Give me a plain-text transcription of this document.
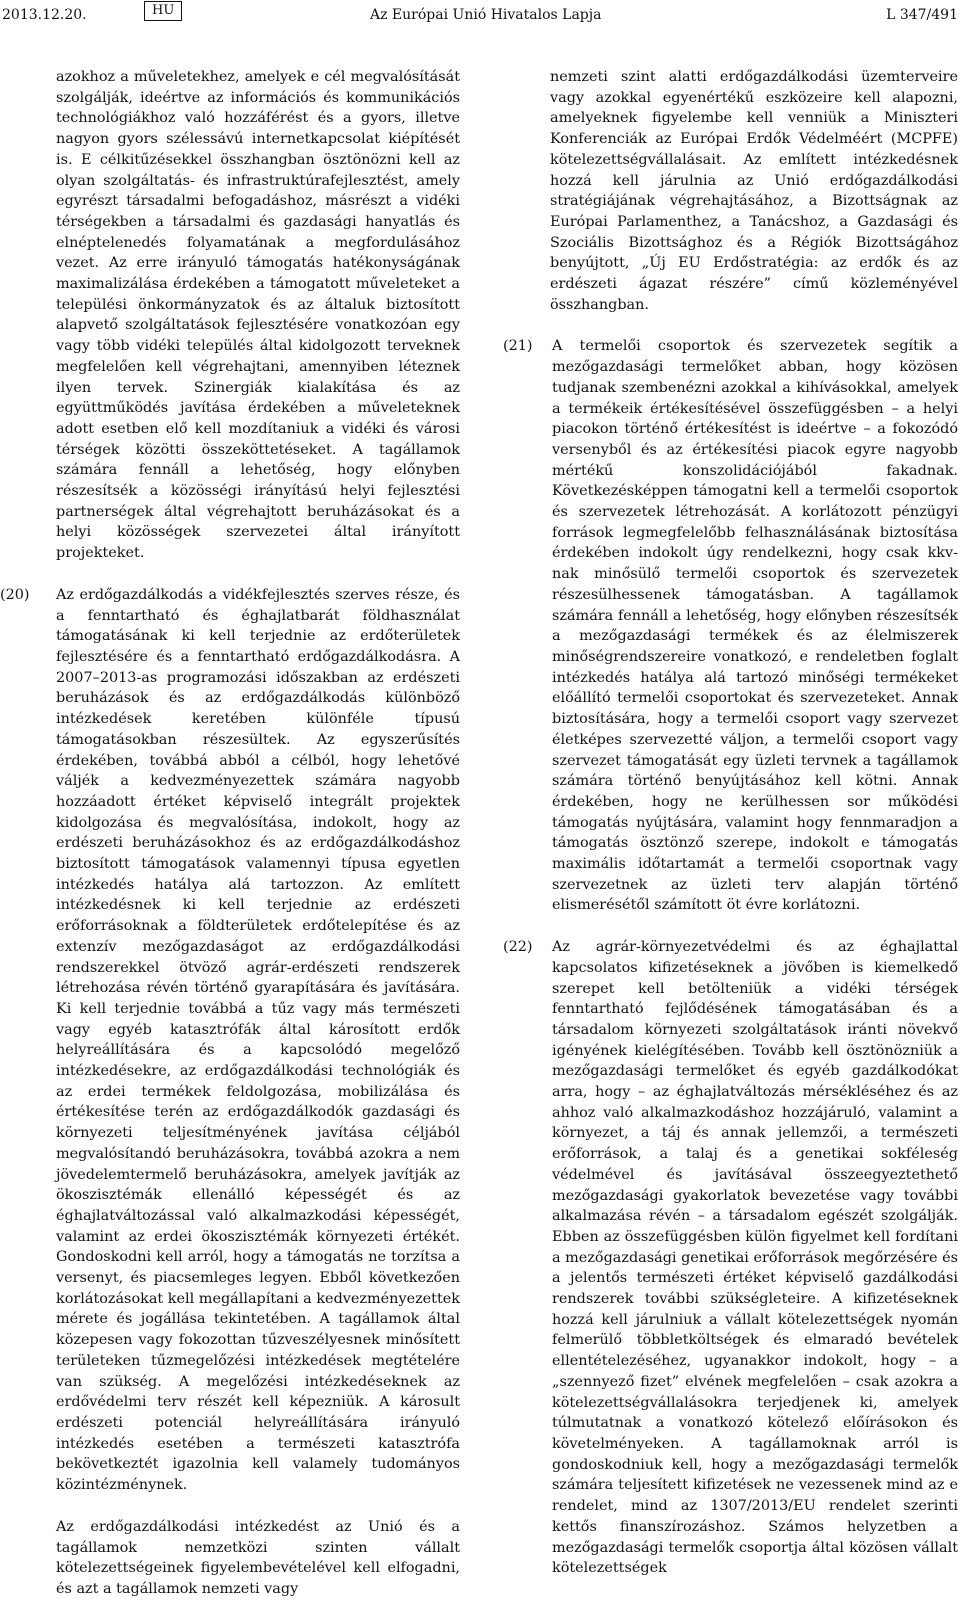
2013.12.20.	HU	Az Európai Unió Hivatalos Lapja	L 347/491

azokhoz a műveletekhez, amelyek e cél megvalósítását szolgálják, ideértve az információs és kommunikációs technológiákhoz való hozzáférést és a gyors, illetve nagyon gyors szélessávú internetkapcsolat kiépítését is. E célkitűzésekkel összhangban ösztönözni kell az olyan szolgáltatás- és infrastruktúrafejlesztést, amely egyrészt társadalmi befogadáshoz, másrészt a vidéki térségekben a társadalmi és gazdasági hanyatlás és elnéptelenedés folyamatának a megfordulásához vezet. Az erre irányuló támogatás hatékonyságának maximalizálása érdekében a támogatott műveleteket a települési önkormányzatok és az általuk biztosított alapvető szolgáltatások fejlesztésére vonatkozóan egy vagy több vidéki település által kidolgozott terveknek megfelelően kell végrehajtani, amennyiben léteznek ilyen tervek. Szinergiák kialakítása és az együttműködés javítása érdekében a műveleteknek adott esetben elő kell mozdítaniuk a vidéki és városi térségek közötti összeköttetéseket. A tagállamok számára fennáll a lehetőség, hogy előnyben részesítsék a közösségi irányítású helyi fejlesztési partnerségek által végrehajtott beruházásokat és a helyi közösségek szervezetei által irányított projekteket.

(20)	Az erdőgazdálkodás a vidékfejlesztés szerves része, és a fenntartható és éghajlatbarát földhasználat támogatásának ki kell terjednie az erdőterületek fejlesztésére és a fenntartható erdőgazdálkodásra. A 2007–2013-as programozási időszakban az erdészeti beruházások és az erdőgazdálkodás különböző intézkedések keretében különféle típusú támogatásokban részesültek. Az egyszerűsítés érdekében, továbbá abból a célból, hogy lehetővé váljék a kedvezményezettek számára nagyobb hozzáadott értéket képviselő integrált projektek kidolgozása és megvalósítása, indokolt, hogy az erdészeti beruházásokhoz és az erdőgazdálkodáshoz biztosított támogatások valamennyi típusa egyetlen intézkedés hatálya alá tartozzon. Az említett intézkedésnek ki kell terjednie az erdészeti erőforrásoknak a földterületek erdőtelepítése és az extenzív mezőgazdaságot az erdőgazdálkodási rendszerekkel ötvöző agrár-erdészeti rendszerek létrehozása révén történő gyarapítására és javítására. Ki kell terjednie továbbá a tűz vagy más természeti vagy egyéb katasztrófák által károsított erdők helyreállítására és a kapcsolódó megelőző intézkedésekre, az erdőgazdálkodási technológiák és az erdei termékek feldolgozása, mobilizálása és értékesítése terén az erdőgazdálkodók gazdasági és környezeti teljesítményének javítása céljából megvalósítandó beruházásokra, továbbá azokra a nem jövedelemtermelő beruházásokra, amelyek javítják az ökoszisztémák ellenálló képességét és az éghajlatváltozással való alkalmazkodási képességét, valamint az erdei ökoszisztémák környezeti értékét. Gondoskodni kell arról, hogy a támogatás ne torzítsa a versenyt, és piacsemleges legyen. Ebből következően korlátozásokat kell megállapítani a kedvezményezettek mérete és jogállása tekintetében. A tagállamok által közepesen vagy fokozottan tűzveszélyesnek minősített területeken tűzmegelőzési intézkedések megtételére van szükség. A megelőzési intézkedéseknek az erdővédelmi terv részét kell képezniük. A károsult erdészeti potenciál helyreállítására irányuló intézkedés esetében a természeti katasztrófa bekövetkeztét igazolnia kell valamely tudományos közintézménynek.

Az erdőgazdálkodási intézkedést az Unió és a tagállamok nemzetközi szinten vállalt kötelezettségeinek figyelembevételével kell elfogadni, és azt a tagállamok nemzeti vagy

nemzeti szint alatti erdőgazdálkodási üzemterveire vagy azokkal egyenértékű eszközeire kell alapozni, amelyeknek figyelembe kell venniük a Miniszteri Konferenciák az Európai Erdők Védelméért (MCPFE) kötelezettségvállalásait. Az említett intézkedésnek hozzá kell járulnia az Unió erdőgazdálkodási stratégiájának végrehajtásához, a Bizottságnak az Európai Parlamenthez, a Tanácshoz, a Gazdasági és Szociális Bizottsághoz és a Régiók Bizottságához benyújtott, „Új EU Erdőstratégia: az erdők és az erdészeti ágazat részére” című közleményével összhangban.

(21)	A termelői csoportok és szervezetek segítik a mezőgazdasági termelőket abban, hogy közösen tudjanak szembenézni azokkal a kihívásokkal, amelyek a termékeik értékesítésével összefüggésben – a helyi piacokon történő értékesítést is ideértve – a fokozódó versenyből és az értékesítési piacok egyre nagyobb mértékű konszolidációjából fakadnak. Következésképpen támogatni kell a termelői csoportok és szervezetek létrehozását. A korlátozott pénzügyi források legmegfelelőbb felhasználásának biztosítása érdekében indokolt úgy rendelkezni, hogy csak kkv-nak minősülő termelői csoportok és szervezetek részesülhessenek támogatásban. A tagállamok számára fennáll a lehetőség, hogy előnyben részesítsék a mezőgazdasági termékek és az élelmiszerek minőségrendszereire vonatkozó, e rendeletben foglalt intézkedés hatálya alá tartozó minőségi termékeket előállító termelői csoportokat és szervezeteket. Annak biztosítására, hogy a termelői csoport vagy szervezet életképes szervezetté váljon, a termelői csoport vagy szervezet támogatását egy üzleti tervnek a tagállamok számára történő benyújtásához kell kötni. Annak érdekében, hogy ne kerülhessen sor működési támogatás nyújtására, valamint hogy fennmaradjon a támogatás ösztönző szerepe, indokolt e támogatás maximális időtartamát a termelői csoportnak vagy szervezetnek az üzleti terv alapján történő elismerésétől számított öt évre korlátozni.

(22)	Az agrár-környezetvédelmi és az éghajlattal kapcsolatos kifizetéseknek a jövőben is kiemelkedő szerepet kell betölteniük a vidéki térségek fenntartható fejlődésének támogatásában és a társadalom környezeti szolgáltatások iránti növekvő igényének kielégítésében. Tovább kell ösztönözniük a mezőgazdasági termelőket és egyéb gazdálkodókat arra, hogy – az éghajlatváltozás mérsékléséhez és az ahhoz való alkalmazkodáshoz hozzájáruló, valamint a környezet, a táj és annak jellemzői, a természeti erőforrások, a talaj és a genetikai sokféleség védelmével és javításával összeegyeztethető mezőgazdasági gyakorlatok bevezetése vagy további alkalmazása révén – a társadalom egészét szolgálják. Ebben az összefüggésben külön figyelmet kell fordítani a mezőgazdasági genetikai erőforrások megőrzésére és a jelentős természeti értéket képviselő gazdálkodási rendszerek további szükségleteire. A kifizetéseknek hozzá kell járulniuk a vállalt kötelezettségek nyomán felmerülő többletköltségek és elmaradó bevételek ellentételezéséhez, ugyanakkor indokolt, hogy – a „szennyező fizet” elvének megfelelően – csak azokra a kötelezettségvállalásokra terjedjenek ki, amelyek túlmutatnak a vonatkozó kötelező előírásokon és követelményeken. A tagállamoknak arról is gondoskodniuk kell, hogy a mezőgazdasági termelők számára teljesített kifizetések ne vezessenek mind az e rendelet, mind az 1307/2013/EU rendelet szerinti kettős finanszírozáshoz. Számos helyzetben a mezőgazdasági termelők csoportja által közösen vállalt kötelezettségek
